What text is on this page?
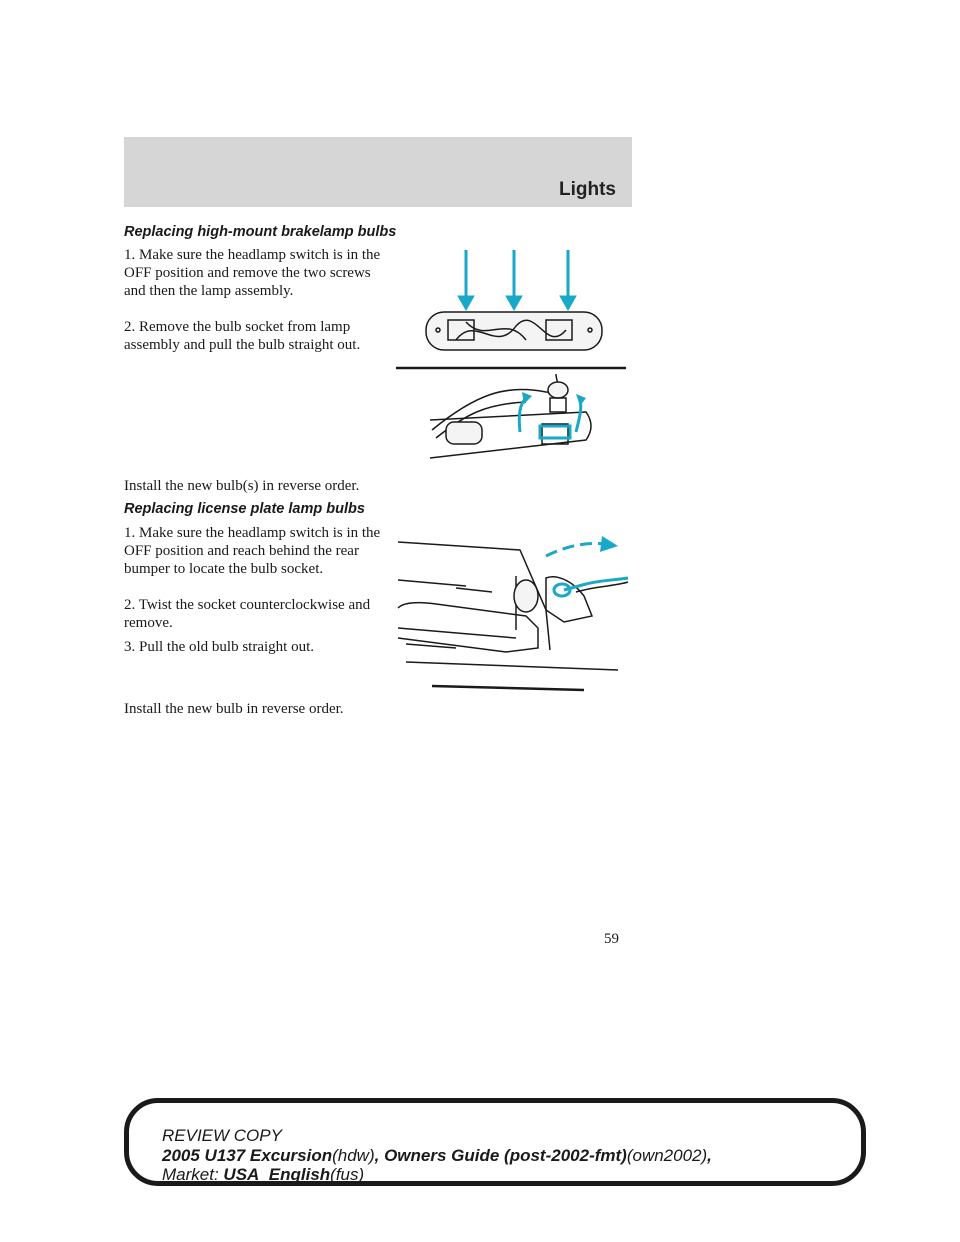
Lights
Replacing high-mount brakelamp bulbs

1. Make sure the headlamp switch is in the OFF position and remove the two screws and then the lamp assembly.

2. Remove the bulb socket from lamp assembly and pull the bulb straight out.

Install the new bulb(s) in reverse order.

Replacing license plate lamp bulbs

1. Make sure the headlamp switch is in the OFF position and reach behind the rear bumper to locate the bulb socket.

2. Twist the socket counterclockwise and remove.

3. Pull the old bulb straight out.

Install the new bulb in reverse order.

59
REVIEW COPY
2005 U137 Excursion(hdw), Owners Guide (post-2002-fmt)(own2002),
Market: USA_English(fus)
